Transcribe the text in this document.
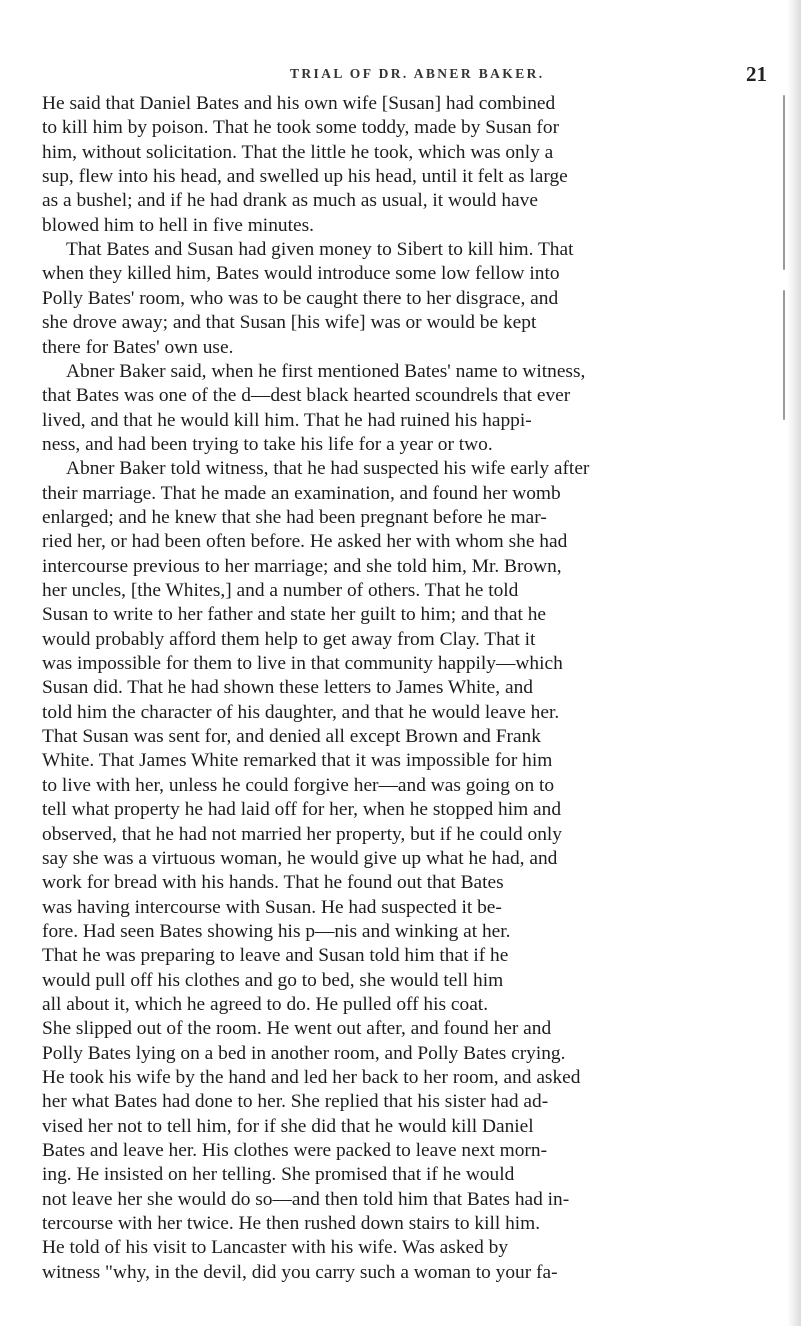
TRIAL OF DR. ABNER BAKER.	21
He said that Daniel Bates and his own wife [Susan] had combined
to kill him by poison. That he took some toddy, made by Susan for
him, without solicitation. That the little he took, which was only a
sup, flew into his head, and swelled up his head, until it felt as large
as a bushel; and if he had drank as much as usual, it would have
blowed him to hell in five minutes.
That Bates and Susan had given money to Sibert to kill him. That
when they killed him, Bates would introduce some low fellow into
Polly Bates' room, who was to be caught there to her disgrace, and
she drove away; and that Susan [his wife] was or would be kept
there for Bates' own use.
Abner Baker said, when he first mentioned Bates' name to witness,
that Bates was one of the d—dest black hearted scoundrels that ever
lived, and that he would kill him. That he had ruined his happi-
ness, and had been trying to take his life for a year or two.
Abner Baker told witness, that he had suspected his wife early after
their marriage. That he made an examination, and found her womb
enlarged; and he knew that she had been pregnant before he mar-
ried her, or had been often before. He asked her with whom she had
intercourse previous to her marriage; and she told him, Mr. Brown,
her uncles, [the Whites,] and a number of others. That he told
Susan to write to her father and state her guilt to him; and that he
would probably afford them help to get away from Clay. That it
was impossible for them to live in that community happily—which
Susan did. That he had shown these letters to James White, and
told him the character of his daughter, and that he would leave her.
That Susan was sent for, and denied all except Brown and Frank
White. That James White remarked that it was impossible for him
to live with her, unless he could forgive her—and was going on to
tell what property he had laid off for her, when he stopped him and
observed, that he had not married her property, but if he could only
say she was a virtuous woman, he would give up what he had, and
work for bread with his hands. That he found out that Bates
was having intercourse with Susan. He had suspected it be-
fore. Had seen Bates showing his p—nis and winking at her.
That he was preparing to leave and Susan told him that if he
would pull off his clothes and go to bed, she would tell him
all about it, which he agreed to do. He pulled off his coat.
She slipped out of the room. He went out after, and found her and
Polly Bates lying on a bed in another room, and Polly Bates crying.
He took his wife by the hand and led her back to her room, and asked
her what Bates had done to her. She replied that his sister had ad-
vised her not to tell him, for if she did that he would kill Daniel
Bates and leave her. His clothes were packed to leave next morn-
ing. He insisted on her telling. She promised that if he would
not leave her she would do so—and then told him that Bates had in-
tercourse with her twice. He then rushed down stairs to kill him.
He told of his visit to Lancaster with his wife. Was asked by
witness "why, in the devil, did you carry such a woman to your fa-
